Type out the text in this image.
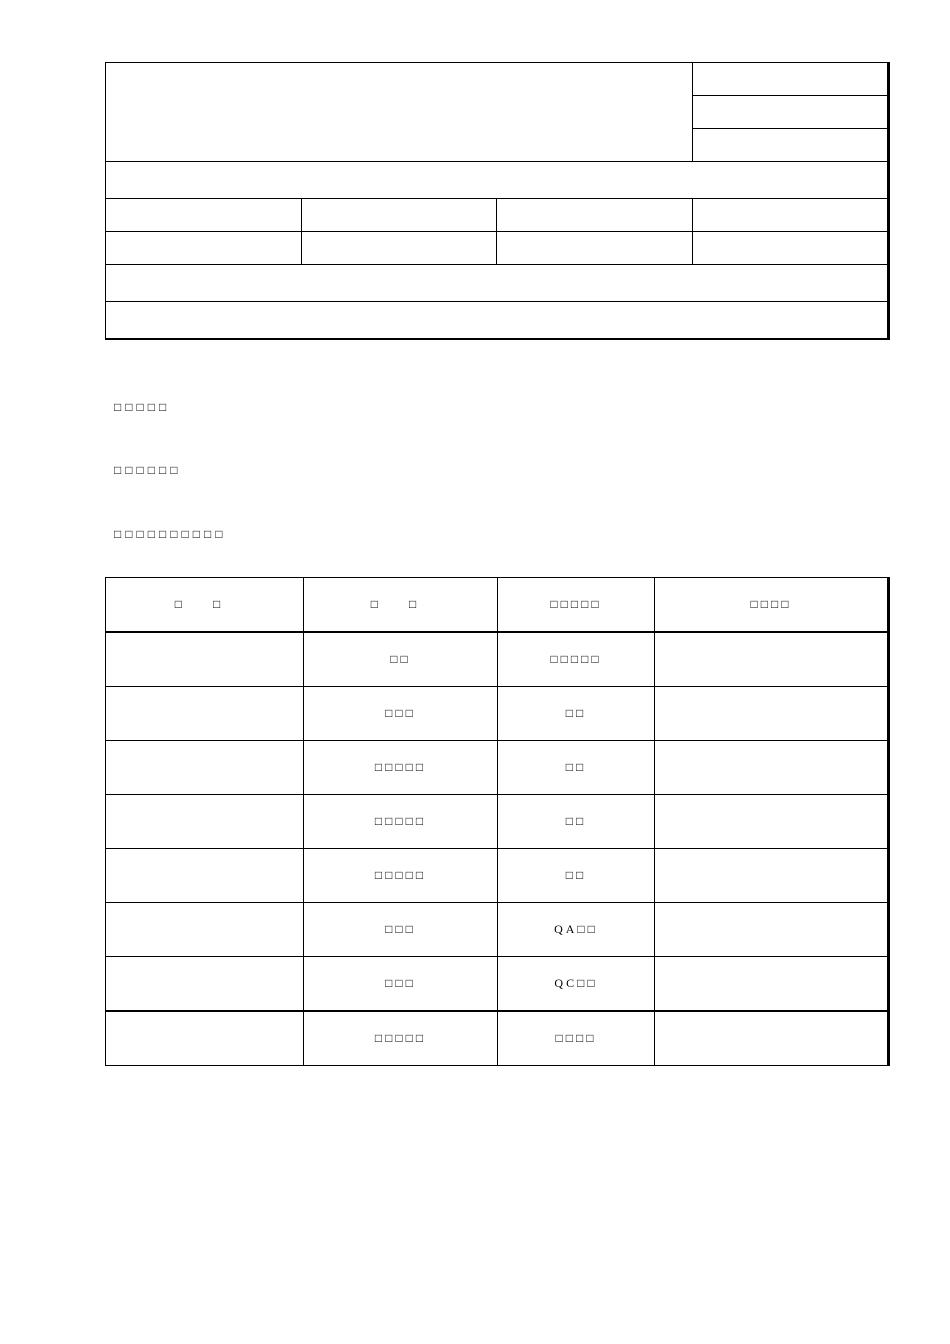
□□□□□
□□□□□□
□□□□□□□□□□
□ □	□ □	□□□□□	□□□□
	□□	□□□□□	
	□□□	□□	
	□□□□□	□□	
	□□□□□	□□	
	□□□□□	□□	
	□□□	QA□□	
	□□□	QC□□	
	□□□□□	□□□□	
